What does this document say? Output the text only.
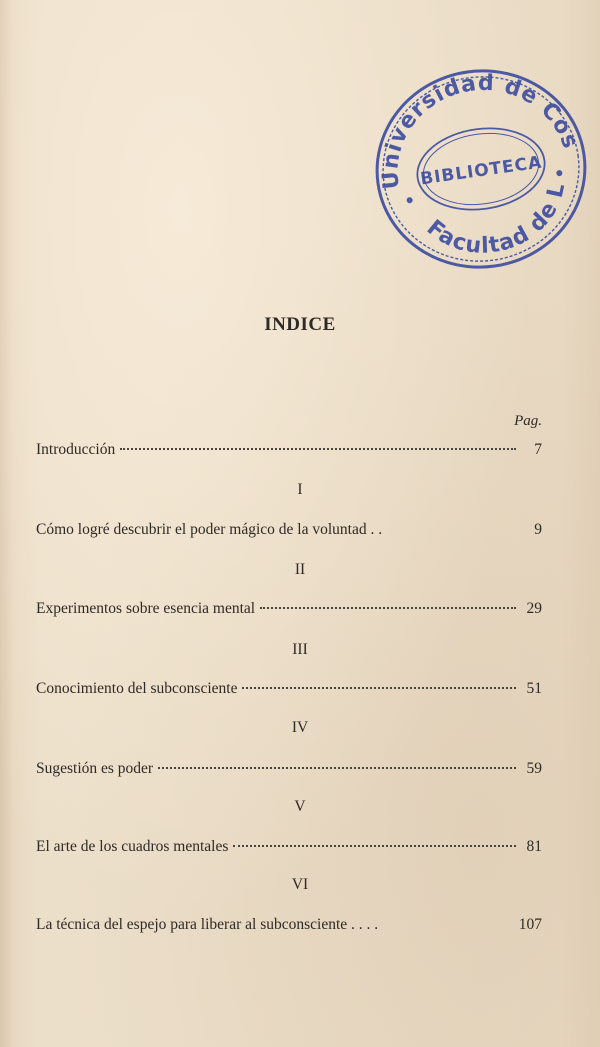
Universidad de Costa
Facultad de Letras
BIBLIOTECA
INDICE
Pag.
Introducción	7
I
Cómo logré descubrir el poder mágico de la voluntad . .	9
II
Experimentos sobre esencia mental	29
III
Conocimiento del subconsciente	51
IV
Sugestión es poder	59
V
El arte de los cuadros mentales	81
VI
La técnica del espejo para liberar al subconsciente . . . .	107
